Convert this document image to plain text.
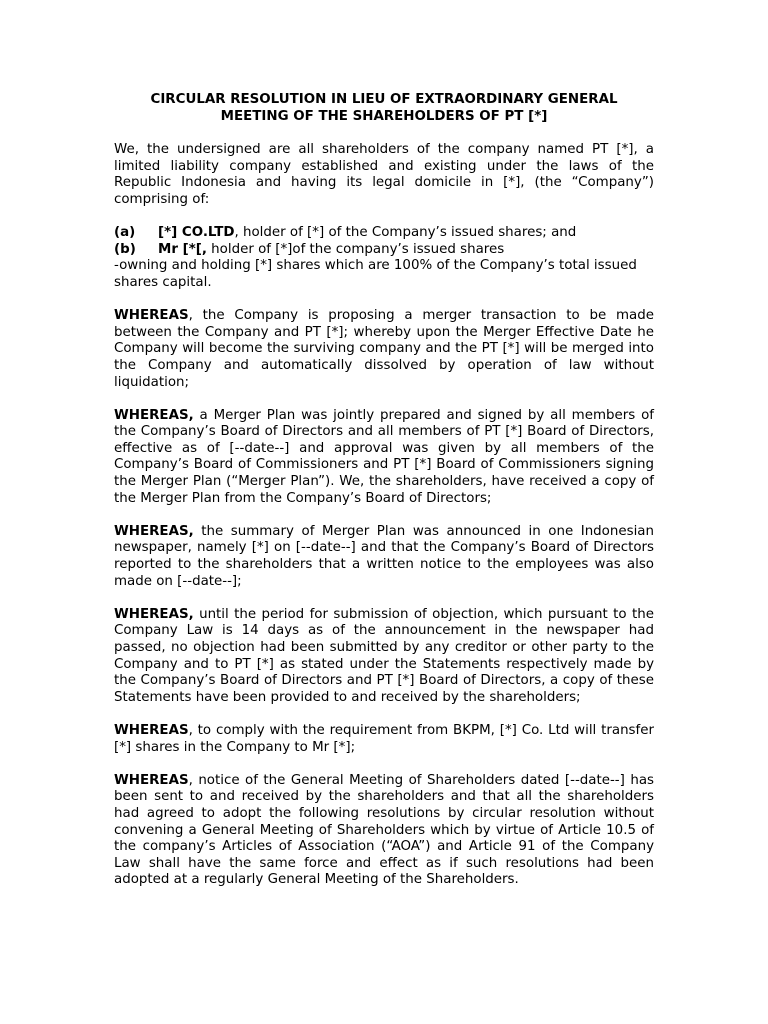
CIRCULAR RESOLUTION IN LIEU OF EXTRAORDINARY GENERAL
MEETING OF THE SHAREHOLDERS OF PT [*]

We, the undersigned are all shareholders of the company named PT [*], a limited liability company established and existing under the laws of the Republic Indonesia and having its legal domicile in [*], (the “Company”) comprising of:

(a)	[*] CO.LTD, holder of [*] of the Company’s issued shares; and
(b)	Mr [*[, holder of [*]of the company’s issued shares

-owning and holding [*] shares which are 100% of the Company’s total issued shares capital.

WHEREAS, the Company is proposing a merger transaction to be made between the Company and PT [*]; whereby upon the Merger Effective Date he Company will become the surviving company and the PT [*] will be merged into the Company and automatically dissolved by operation of law without liquidation;

WHEREAS, a Merger Plan was jointly prepared and signed by all members of the Company’s Board of Directors and all members of PT [*] Board of Directors, effective as of [--date--] and approval was given by all members of the Company’s Board of Commissioners and PT [*] Board of Commissioners signing the Merger Plan (“Merger Plan”). We, the shareholders, have received a copy of the Merger Plan from the Company’s Board of Directors;

WHEREAS, the summary of Merger Plan was announced in one Indonesian newspaper, namely [*] on [--date--] and that the Company’s Board of Directors reported to the shareholders that a written notice to the employees was also made on [--date--];

WHEREAS, until the period for submission of objection, which pursuant to the Company Law is 14 days as of the announcement in the newspaper had passed, no objection had been submitted by any creditor or other party to the Company and to PT [*] as stated under the Statements respectively made by the Company’s Board of Directors and PT [*] Board of Directors, a copy of these Statements have been provided to and received by the shareholders;

WHEREAS, to comply with the requirement from BKPM, [*] Co. Ltd will transfer [*] shares in the Company to Mr [*];

WHEREAS, notice of the General Meeting of Shareholders dated [--date--] has been sent to and received by the shareholders and that all the shareholders had agreed to adopt the following resolutions by circular resolution without convening a General Meeting of Shareholders which by virtue of Article 10.5 of the company’s Articles of Association (“AOA”) and Article 91 of the Company Law shall have the same force and effect as if such resolutions had been adopted at a regularly General Meeting of the Shareholders.
